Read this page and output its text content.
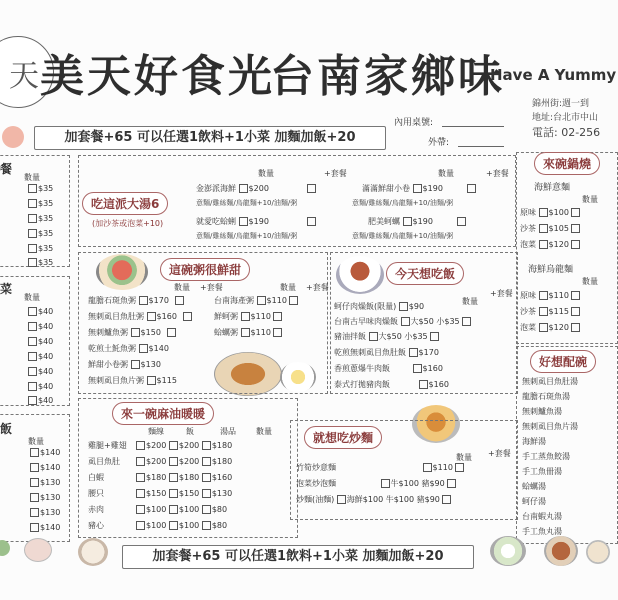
天 美天好食光
台南家鄉味
Have A Yummy
錦州街:週一到
地址:台北市中山
電話: 02-256
內用桌號:
外帶:
加套餐+65 可以任選1飲料+1小菜 加麵加飯+20
餐
數量
$35
$35
$35
$35
$35
$35
菜
數量
$40
$40
$40
$40
$40
$40
$40
飯
數量
$140
$140
$130
$130
$130
$140
吃這派大湯6
(加沙茶或泡菜+10)
數量	+套餐
金澎派海鮮 $200
意麵/雞絲麵/烏龍麵+10/油麵/粥
就愛吃蛤蜊 $190
意麵/雞絲麵/烏龍麵+10/油麵/粥
數量	+套餐
滿滿鮮甜小卷 $190
意麵/雞絲麵/烏龍麵+10/油麵/粥
肥美蚵蠣 $190
意麵/雞絲麵/烏龍麵+10/油麵/粥
這碗粥很鮮甜
數量 +套餐	數量 +套餐
龍膽石斑魚粥 $170
無刺虱目魚肚粥 $160
無刺鱸魚粥 $150
乾煎土魠魚粥 $140
鮮甜小卷粥 $130
無刺虱目魚片粥 $115
台南海產粥 $110
鮮蚵粥 $110
蛤蠣粥 $110
今天想吃飯
數量
+套餐
蚵仔肉燥飯(限量) $90
台南古早味肉燥飯 大$50 小$35
豬油拌飯 大$50 小$35
乾煎無刺虱目魚肚飯 $170
香煎蔥爆牛肉飯	$160
泰式打拋豬肉飯	$160
來一碗麻油暖暖
麵線	飯	湯品	數量
雞腿+雞翅 $200 $200 $180
虱目魚肚	$200 $200 $180
白蝦	$180 $180 $160
腰只	$150 $150 $130
赤肉	$100 $100 $80
豬心	$100 $100 $80
就想吃炒麵
數量 +套餐
竹筍炒意麵	$110
泡菜炒泡麵	牛$100 豬$90
炒麵(油麵) 海鮮$100 牛$100 豬$90
來碗鍋燒
海鮮意麵
數量
原味 $100
沙茶 $105
泡菜 $120
海鮮烏龍麵
數量
原味 $110
沙茶 $115
泡菜 $120
好想配碗
無刺虱目魚肚湯
龍膽石斑魚湯
無刺鱸魚湯
無刺虱目魚片湯
海鮮湯
手工蒸魚餃湯
手工魚冊湯
蛤蠣湯
蚵仔湯
台南蝦丸湯
手工魚丸湯
加套餐+65 可以任選1飲料+1小菜 加麵加飯+20
